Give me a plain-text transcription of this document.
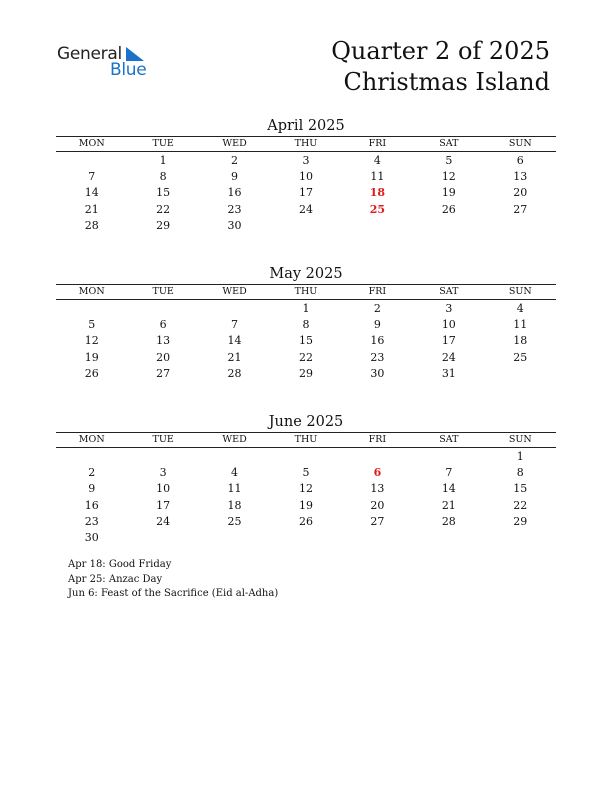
General
Blue
Quarter 2 of 2025
Christmas Island
April 2025
MON	TUE	WED	THU	FRI	SAT	SUN
	1	2	3	4	5	6
7	8	9	10	11	12	13
14	15	16	17	18	19	20
21	22	23	24	25	26	27
28	29	30				
May 2025
MON	TUE	WED	THU	FRI	SAT	SUN
			1	2	3	4
5	6	7	8	9	10	11
12	13	14	15	16	17	18
19	20	21	22	23	24	25
26	27	28	29	30	31	
June 2025
MON	TUE	WED	THU	FRI	SAT	SUN
						1
2	3	4	5	6	7	8
9	10	11	12	13	14	15
16	17	18	19	20	21	22
23	24	25	26	27	28	29
30						
Apr 18: Good Friday
Apr 25: Anzac Day
Jun 6: Feast of the Sacrifice (Eid al-Adha)
